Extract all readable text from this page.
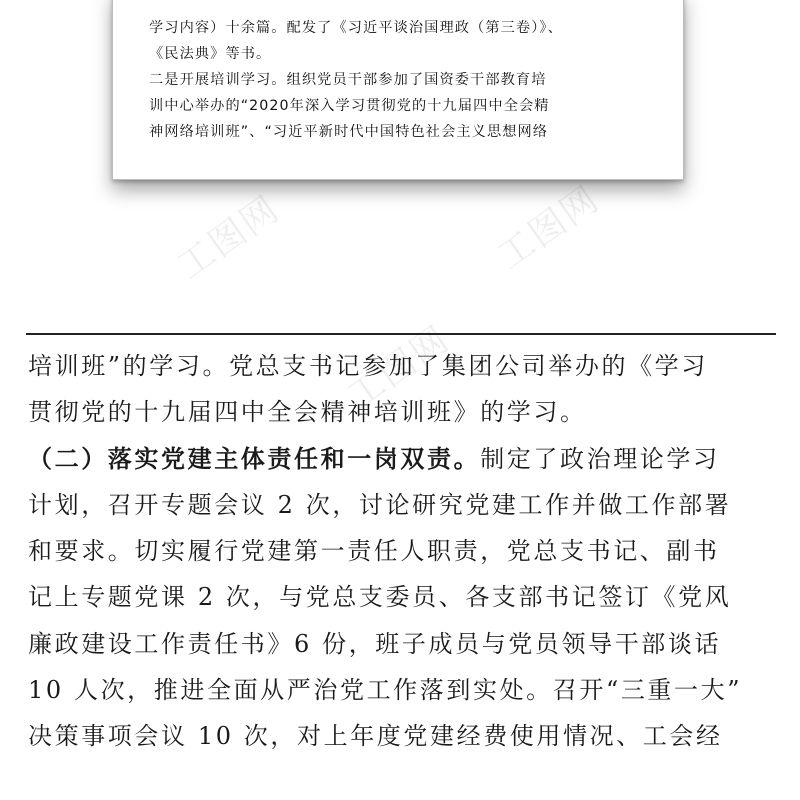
工图网	工图网
工图网
学习内容）十余篇。配发了《习近平谈治国理政（第三卷）》、
《民法典》等书。
二是开展培训学习。组织党员干部参加了国资委干部教育培
训中心举办的“2020年深入学习贯彻党的十九届四中全会精
神网络培训班”、“习近平新时代中国特色社会主义思想网络
培训班”的学习。党总支书记参加了集团公司举办的《学习
贯彻党的十九届四中全会精神培训班》的学习。
（二）落实党建主体责任和一岗双责。制定了政治理论学习
计划，召开专题会议 2 次，讨论研究党建工作并做工作部署
和要求。切实履行党建第一责任人职责，党总支书记、副书
记上专题党课 2 次，与党总支委员、各支部书记签订《党风
廉政建设工作责任书》6 份，班子成员与党员领导干部谈话
10 人次，推进全面从严治党工作落到实处。召开“三重一大”
决策事项会议 10 次，对上年度党建经费使用情况、工会经
